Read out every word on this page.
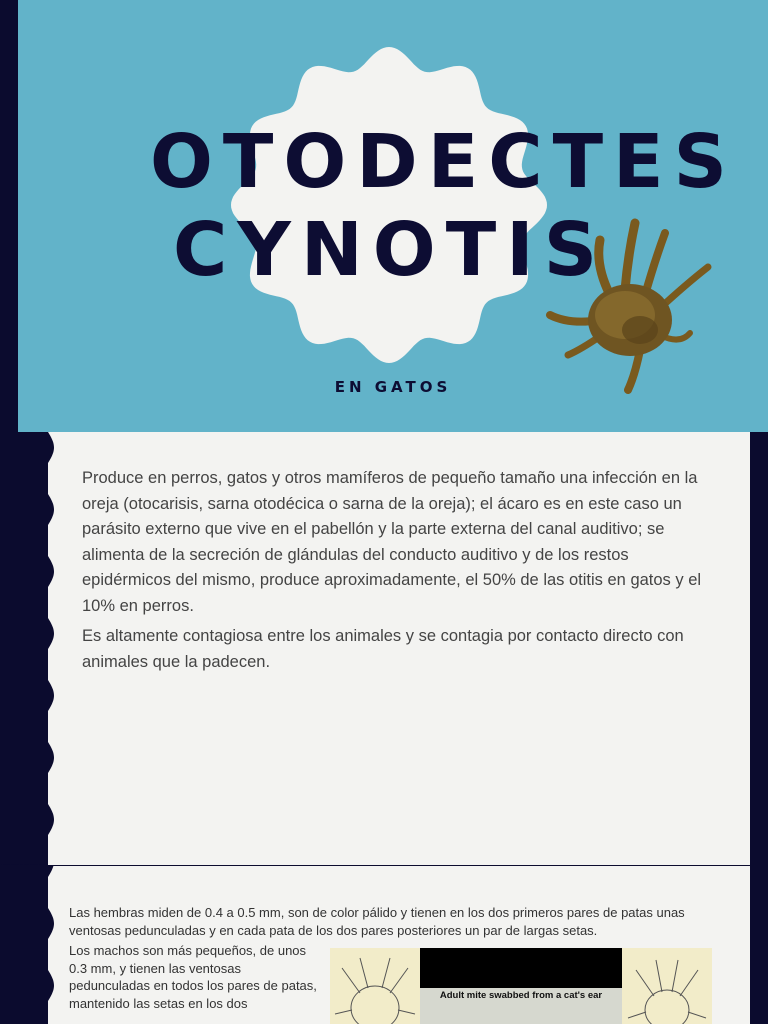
OTODECTES
CYNOTIS
EN GATOS

Produce en perros, gatos y otros mamíferos de pequeño tamaño una infección en la oreja (otocarisis, sarna otodécica o sarna de la oreja); el ácaro es en este caso un parásito externo que vive en el pabellón y la parte externa del canal auditivo; se alimenta de la secreción de glándulas del conducto auditivo y de los restos epidérmicos del mismo, produce aproximadamente, el 50% de las otitis en gatos y el 10% en perros.

Es altamente contagiosa entre los animales y se contagia por contacto directo con animales que la padecen.

Las hembras miden de 0.4 a 0.5 mm, son de color pálido y tienen en los dos primeros pares de patas unas ventosas pedunculadas y en cada pata de los dos pares posteriores un par de largas setas.

Los machos son más pequeños, de unos 0.3 mm, y tienen las ventosas pedunculadas en todos los pares de patas, mantenido las setas en los dos	Adult mite swabbed from a cat's ear
